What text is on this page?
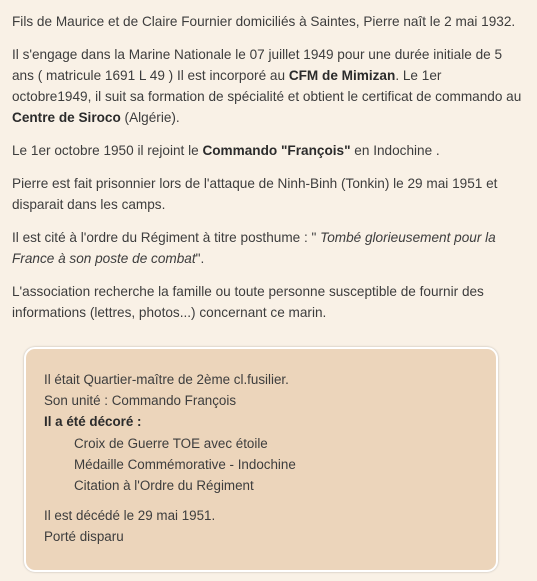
Fils de Maurice et de Claire Fournier domiciliés à Saintes, Pierre naît le 2 mai 1932.

Il s'engage dans la Marine Nationale le 07 juillet 1949 pour une durée initiale de 5 ans ( matricule 1691 L 49 ) Il est incorporé au CFM de Mimizan. Le 1er octobre1949, il suit sa formation de spécialité et obtient le certificat de commando au Centre de Siroco (Algérie).

Le 1er octobre 1950 il rejoint le Commando "François" en Indochine .

Pierre est fait prisonnier lors de l'attaque de Ninh-Binh (Tonkin) le 29 mai 1951 et disparait dans les camps.

Il est cité à l'ordre du Régiment à titre posthume : " Tombé glorieusement pour la France à son poste de combat".

L'association recherche la famille ou toute personne susceptible de fournir des informations (lettres, photos...) concernant ce marin.

Il était Quartier-maître de 2ème cl.fusilier.
Son unité : Commando François
Il a été décoré :
Croix de Guerre TOE avec étoile
Médaille Commémorative - Indochine
Citation à l'Ordre du Régiment
Il est décédé le 29 mai 1951.
Porté disparu
